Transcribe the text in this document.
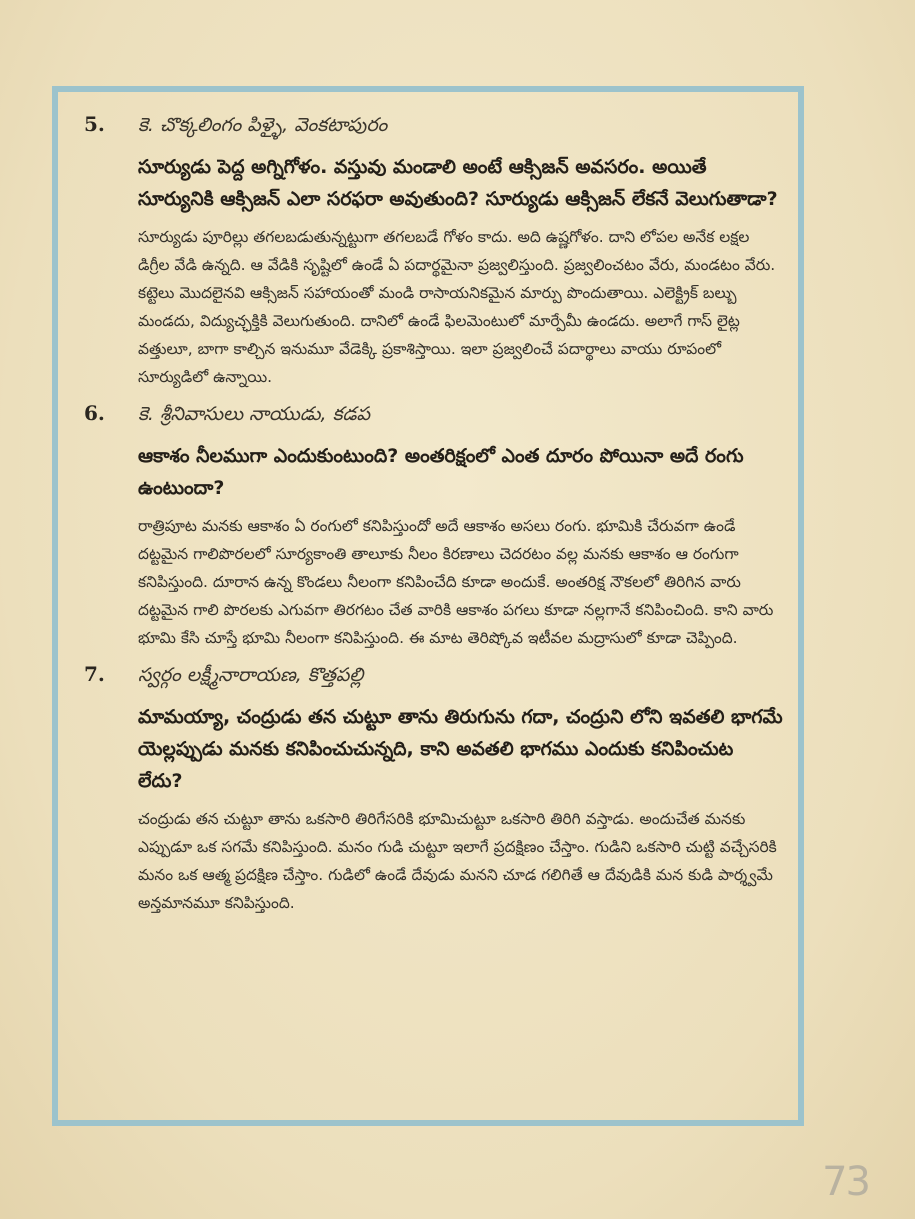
5.	కె. చొక్కలింగం పిళ్ళై, వెంకటాపురం
సూర్యుడు పెద్ద అగ్నిగోళం. వస్తువు మండాలి అంటే ఆక్సిజన్ అవసరం. అయితే సూర్యునికి ఆక్సిజన్ ఎలా సరఫరా అవుతుంది? సూర్యుడు ఆక్సిజన్ లేకనే వెలుగుతాడా?
సూర్యుడు పూరిల్లు తగలబడుతున్నట్టుగా తగలబడే గోళం కాదు. అది ఉష్ణగోళం. దాని లోపల అనేక లక్షల డిగ్రీల వేడి ఉన్నది. ఆ వేడికి సృష్టిలో ఉండే ఏ పదార్థమైనా ప్రజ్వలిస్తుంది. ప్రజ్వలించటం వేరు, మండటం వేరు. కట్టెలు మొదలైనవి ఆక్సిజన్ సహాయంతో మండి రాసాయనికమైన మార్పు పొందుతాయి. ఎలెక్ట్రిక్ బల్బు మండదు, విద్యుచ్ఛక్తికి వెలుగుతుంది. దానిలో ఉండే ఫిలమెంటులో మార్పేమీ ఉండదు. అలాగే గాస్ లైట్ల వత్తులూ, బాగా కాల్చిన ఇనుమూ వేడెక్కి ప్రకాశిస్తాయి. ఇలా ప్రజ్వలించే పదార్థాలు వాయు రూపంలో సూర్యుడిలో ఉన్నాయి.
6.	కె. శ్రీనివాసులు నాయుడు, కడప
ఆకాశం నీలముగా ఎందుకుంటుంది? అంతరిక్షంలో ఎంత దూరం పోయినా అదే రంగు ఉంటుందా?
రాత్రిపూట మనకు ఆకాశం ఏ రంగులో కనిపిస్తుందో అదే ఆకాశం అసలు రంగు. భూమికి చేరువగా ఉండే దట్టమైన గాలిపొరలలో సూర్యకాంతి తాలూకు నీలం కిరణాలు చెదరటం వల్ల మనకు ఆకాశం ఆ రంగుగా కనిపిస్తుంది. దూరాన ఉన్న కొండలు నీలంగా కనిపించేది కూడా అందుకే. అంతరిక్ష నౌకలలో తిరిగిన వారు దట్టమైన గాలి పొరలకు ఎగువగా తిరగటం చేత వారికి ఆకాశం పగలు కూడా నల్లగానే కనిపించింది. కాని వారు భూమి కేసి చూస్తే భూమి నీలంగా కనిపిస్తుంది. ఈ మాట తెరిష్కోవ ఇటీవల మద్రాసులో కూడా చెప్పింది.
7.	స్వర్గం లక్ష్మీనారాయణ, కొత్తపల్లి
మామయ్యా, చంద్రుడు తన చుట్టూ తాను తిరుగును గదా, చంద్రుని లోని ఇవతలి భాగమే యెల్లప్పుడు మనకు కనిపించుచున్నది, కాని అవతలి భాగము ఎందుకు కనిపించుట లేదు?
చంద్రుడు తన చుట్టూ తాను ఒకసారి తిరిగేసరికి భూమిచుట్టూ ఒకసారి తిరిగి వస్తాడు. అందుచేత మనకు ఎప్పుడూ ఒక సగమే కనిపిస్తుంది. మనం గుడి చుట్టూ ఇలాగే ప్రదక్షిణం చేస్తాం. గుడిని ఒకసారి చుట్టి వచ్చేసరికి మనం ఒక ఆత్మ ప్రదక్షిణ చేస్తాం. గుడిలో ఉండే దేవుడు మనని చూడ గలిగితే ఆ దేవుడికి మన కుడి పార్శ్వమే అన్తమానమూ కనిపిస్తుంది.
73
